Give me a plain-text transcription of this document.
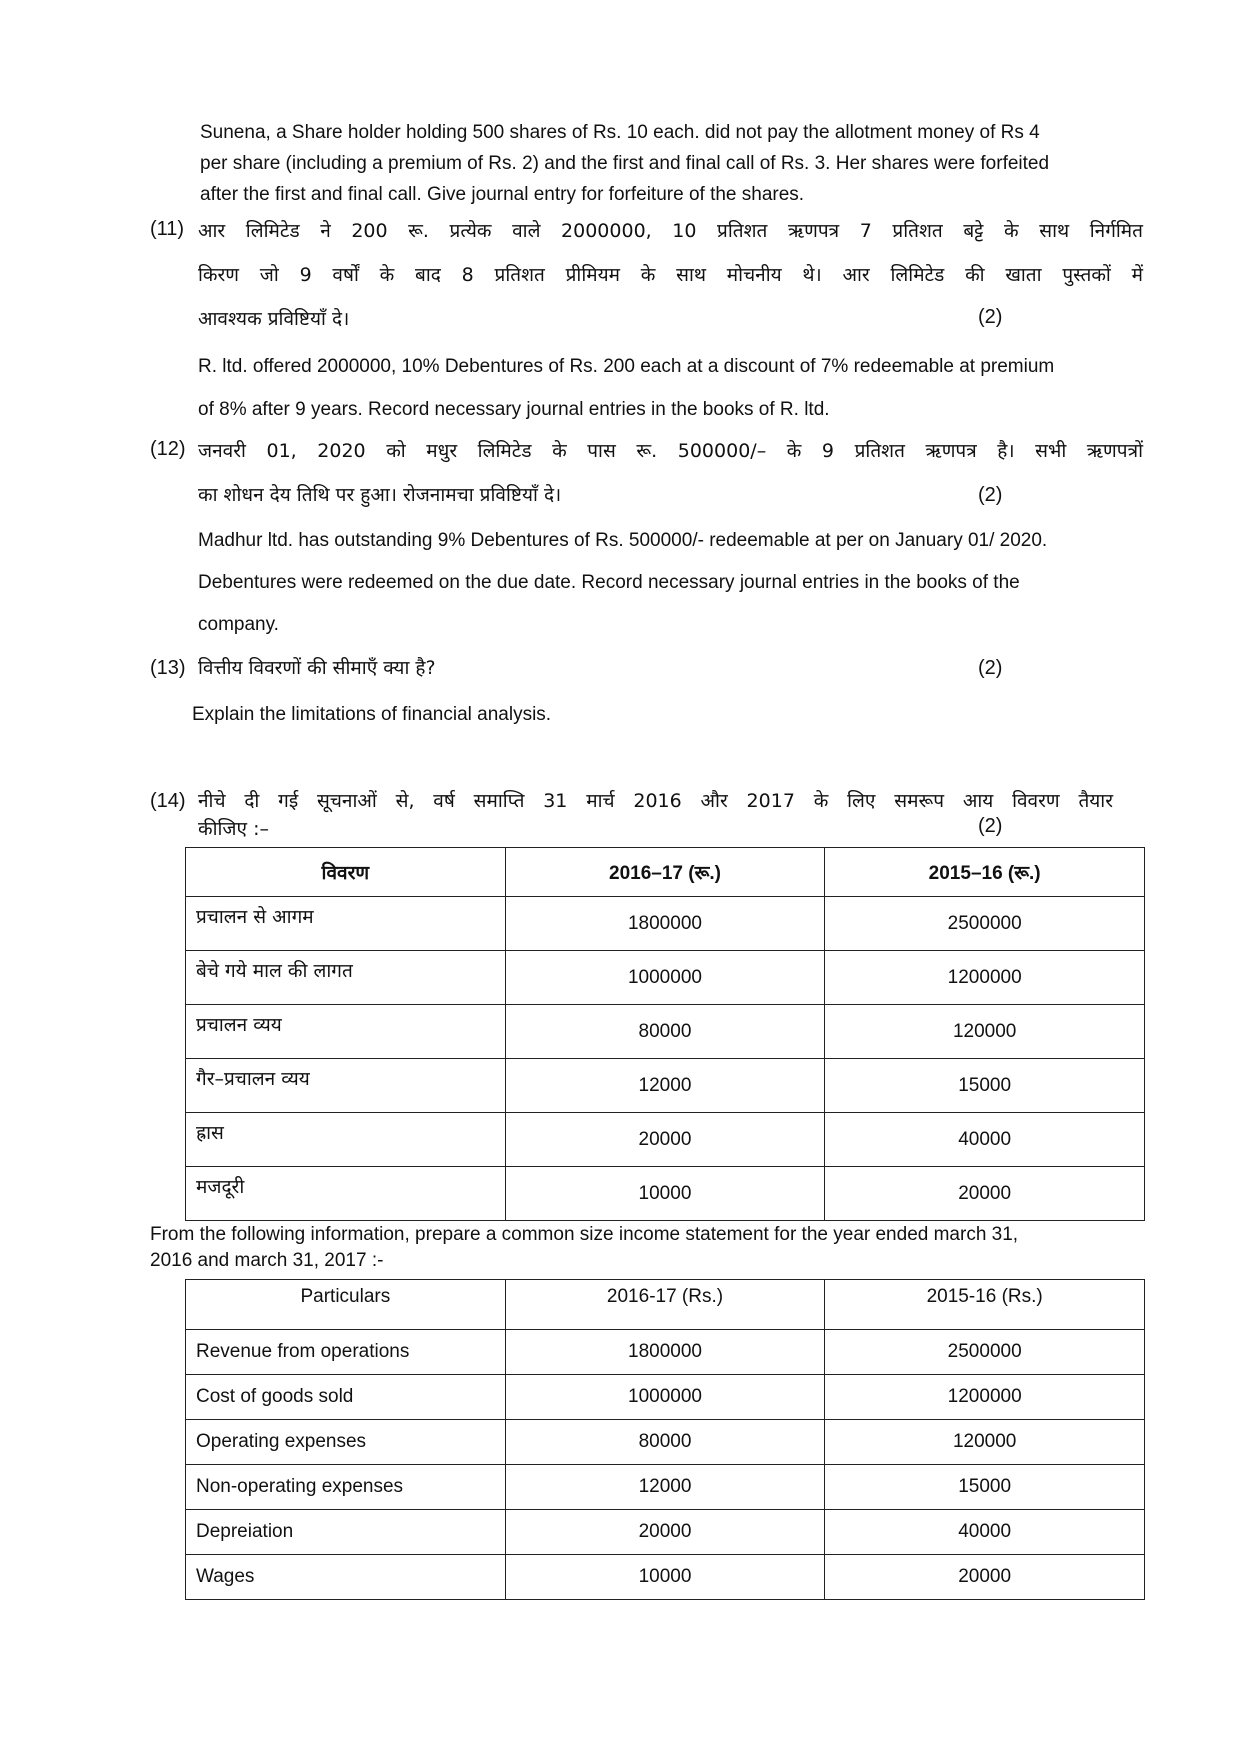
Sunena, a Share holder holding 500 shares of Rs. 10 each. did not pay the allotment money of Rs 4
per share (including a premium of Rs. 2) and the first and final call of Rs. 3. Her shares were forfeited
after the first and final call. Give journal entry for forfeiture of the shares.
(11) आर लिमिटेड ने 200 रू. प्रत्येक वाले 2000000, 10 प्रतिशत ऋणपत्र 7 प्रतिशत बट्टे के साथ निर्गमित
किरण जो 9 वर्षों के बाद 8 प्रतिशत प्रीमियम के साथ मोचनीय थे। आर लिमिटेड की खाता पुस्तकों में
आवश्यक प्रविष्टियाँ दे।	(2)
R. ltd. offered 2000000, 10% Debentures of Rs. 200 each at a discount of 7% redeemable at premium
of 8% after 9 years. Record necessary journal entries in the books of R. ltd.
(12) जनवरी 01, 2020 को मधुर लिमिटेड के पास रू. 500000/– के 9 प्रतिशत ऋणपत्र है। सभी ऋणपत्रों
का शोधन देय तिथि पर हुआ। रोजनामचा प्रविष्टियाँ दे।	(2)
Madhur ltd. has outstanding 9% Debentures of Rs. 500000/- redeemable at per on January 01/ 2020.
Debentures were redeemed on the due date. Record necessary journal entries in the books of the
company.
(13) वित्तीय विवरणों की सीमाएँ क्या है?	(2)
Explain the limitations of financial analysis.
(14) नीचे दी गई सूचनाओं से, वर्ष समाप्ति 31 मार्च 2016 और 2017 के लिए समरूप आय विवरण तैयार
कीजिए :–	(2)
विवरण	2016–17 (रू.)	2015–16 (रू.)
प्रचालन से आगम	1800000	2500000
बेचे गये माल की लागत	1000000	1200000
प्रचालन व्यय	80000	120000
गैर–प्रचालन व्यय	12000	15000
ह्रास	20000	40000
मजदूरी	10000	20000
From the following information, prepare a common size income statement for the year ended march 31,
2016 and march 31, 2017 :-
Particulars	2016-17 (Rs.)	2015-16 (Rs.)
Revenue from operations	1800000	2500000
Cost of goods sold	1000000	1200000
Operating expenses	80000	120000
Non-operating expenses	12000	15000
Depreiation	20000	40000
Wages	10000	20000
